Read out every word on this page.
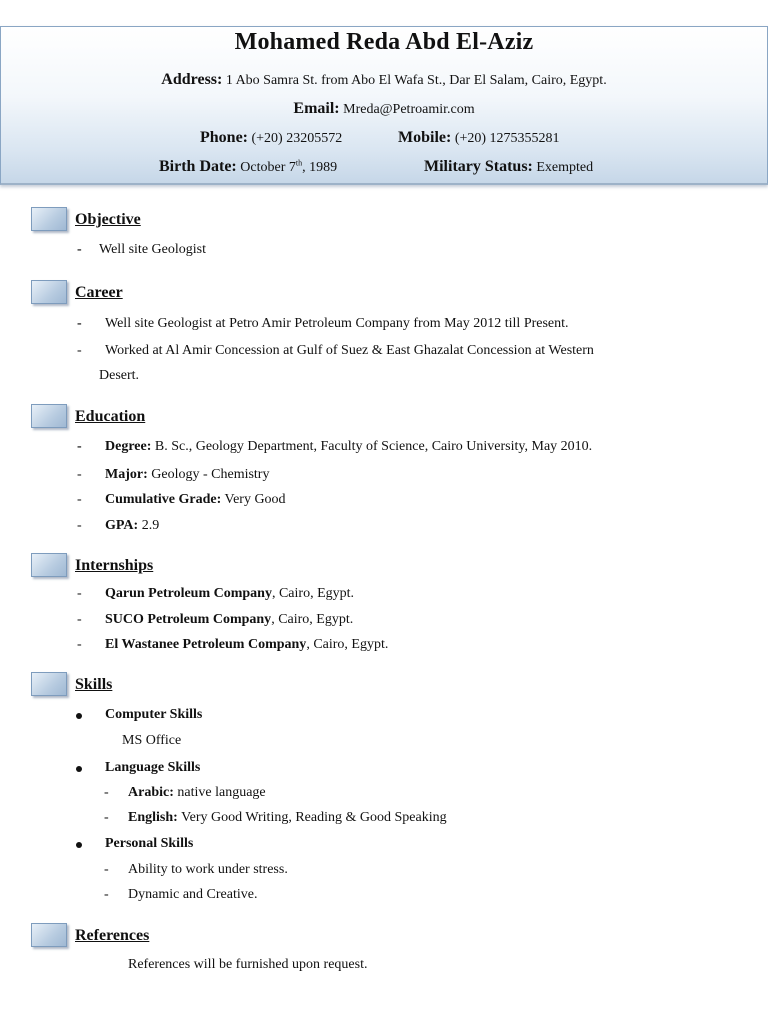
Mohamed Reda Abd El-Aziz
Address: 1 Abo Samra St. from Abo El Wafa St., Dar El Salam, Cairo, Egypt.
Email: Mreda@Petroamir.com
Phone: (+20) 23205572	Mobile: (+20) 1275355281
Birth Date: October 7th, 1989	Military Status: Exempted
Objective
- Well site Geologist
Career
- Well site Geologist at Petro Amir Petroleum Company from May 2012 till Present.
- Worked at Al Amir Concession at Gulf of Suez & East Ghazalat Concession at Western
Desert.
Education
- Degree: B. Sc., Geology Department, Faculty of Science, Cairo University, May 2010.
- Major: Geology - Chemistry
- Cumulative Grade: Very Good
- GPA: 2.9
Internships
- Qarun Petroleum Company, Cairo, Egypt.
- SUCO Petroleum Company, Cairo, Egypt.
- El Wastanee Petroleum Company, Cairo, Egypt.
Skills
Computer Skills
MS Office
Language Skills
- Arabic: native language
- English: Very Good Writing, Reading & Good Speaking
Personal Skills
- Ability to work under stress.
- Dynamic and Creative.
References
References will be furnished upon request.
